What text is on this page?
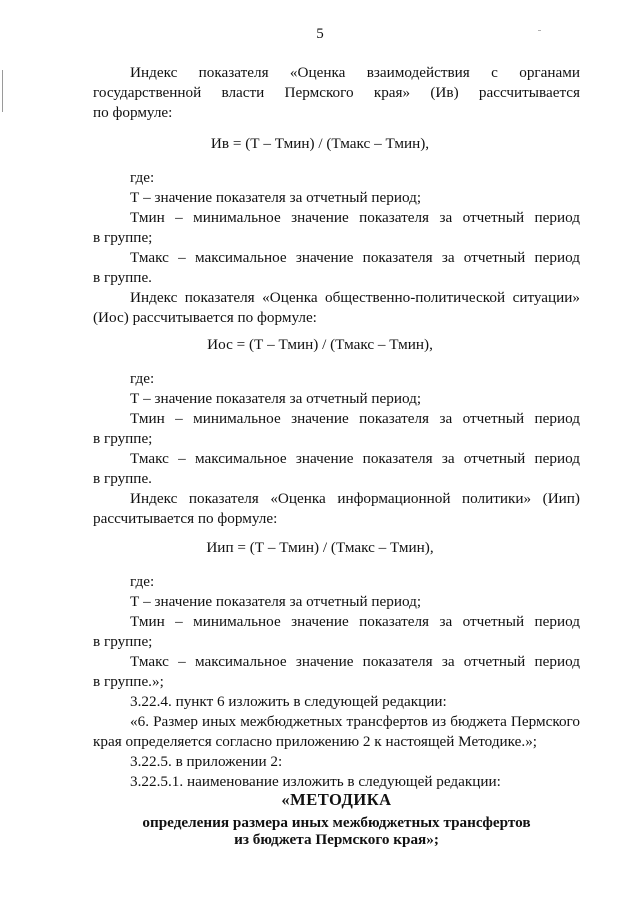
5
Индекс показателя «Оценка взаимодействия с органами
государственной власти Пермского края» (Ив) рассчитывается
по формуле:
Ив = (Т – Тмин) / (Тмакс – Тмин),
где:
Т – значение показателя за отчетный период;
Тмин – минимальное значение показателя за отчетный период
в группе;
Тмакс – максимальное значение показателя за отчетный период
в группе.
Индекс показателя «Оценка общественно-политической ситуации»
(Иос) рассчитывается по формуле:
Иос = (Т – Тмин) / (Тмакс – Тмин),
где:
Т – значение показателя за отчетный период;
Тмин – минимальное значение показателя за отчетный период
в группе;
Тмакс – максимальное значение показателя за отчетный период
в группе.
Индекс показателя «Оценка информационной политики» (Иип)
рассчитывается по формуле:
Иип = (Т – Тмин) / (Тмакс – Тмин),
где:
Т – значение показателя за отчетный период;
Тмин – минимальное значение показателя за отчетный период
в группе;
Тмакс – максимальное значение показателя за отчетный период
в группе.»;
3.22.4. пункт 6 изложить в следующей редакции:
«6. Размер иных межбюджетных трансфертов из бюджета Пермского
края определяется согласно приложению 2 к настоящей Методике.»;
3.22.5. в приложении 2:
3.22.5.1. наименование изложить в следующей редакции:
«МЕТОДИКА
определения размера иных межбюджетных трансфертов
из бюджета Пермского края»;
